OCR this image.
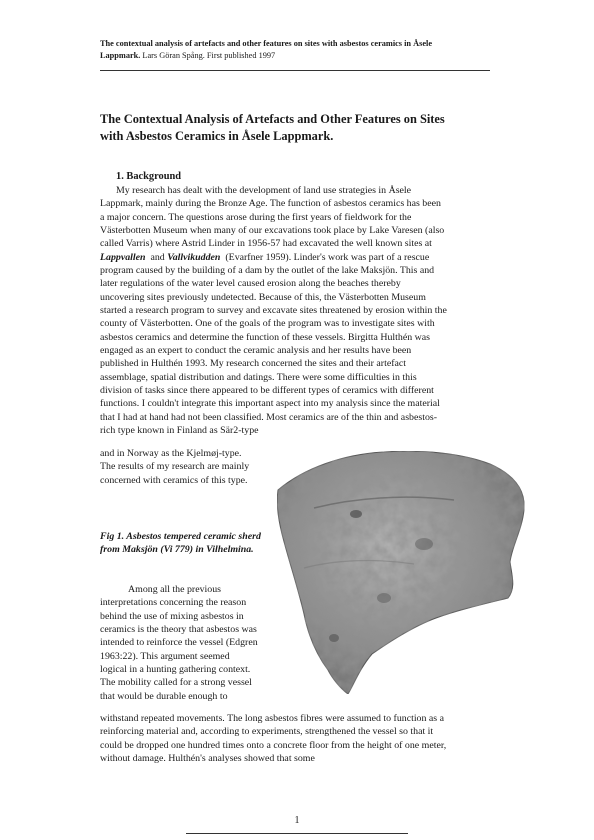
The contextual analysis of artefacts and other features on sites with asbestos ceramics in Åsele
Lappmark. Lars Göran Spång. First published 1997
The Contextual Analysis of Artefacts and Other Features on Sites
with Asbestos Ceramics in Åsele Lappmark.
1. Background
My research has dealt with the development of land use strategies in Åsele
Lappmark, mainly during the Bronze Age. The function of asbestos ceramics has been
a major concern. The questions arose during the first years of fieldwork for the
Västerbotten Museum when many of our excavations took place by Lake Varesen (also
called Varris) where Astrid Linder in 1956-57 had excavated the well known sites at
Lappvallen and Vallvikudden (Evarfner 1959). Linder's work was part of a rescue
program caused by the building of a dam by the outlet of the lake Maksjön. This and
later regulations of the water level caused erosion along the beaches thereby
uncovering sites previously undetected. Because of this, the Västerbotten Museum
started a research program to survey and excavate sites threatened by erosion within the
county of Västerbotten. One of the goals of the program was to investigate sites with
asbestos ceramics and determine the function of these vessels. Birgitta Hulthén was
engaged as an expert to conduct the ceramic analysis and her results have been
published in Hulthén 1993. My research concerned the sites and their artefact
assemblage, spatial distribution and datings. There were some difficulties in this
division of tasks since there appeared to be different types of ceramics with different
functions. I couldn't integrate this important aspect into my analysis since the material
that I had at hand had not been classified. Most ceramics are of the thin and asbestos-
rich type known in Finland as Sär2-type
and in Norway as the Kjelmøj-type.
The results of my research are mainly
concerned with ceramics of this type.
Fig 1. Asbestos tempered ceramic sherd
from Maksjön (Vi 779) in Vilhelmina.
Among all the previous
interpretations concerning the reason
behind the use of mixing asbestos in
ceramics is the theory that asbestos was
intended to reinforce the vessel (Edgren
1963:22). This argument seemed
logical in a hunting gathering context.
The mobility called for a strong vessel
that would be durable enough to
withstand repeated movements. The long asbestos fibres were assumed to function as a
reinforcing material and, according to experiments, strengthened the vessel so that it
could be dropped one hundred times onto a concrete floor from the height of one meter,
without damage. Hulthén's analyses showed that some
1
